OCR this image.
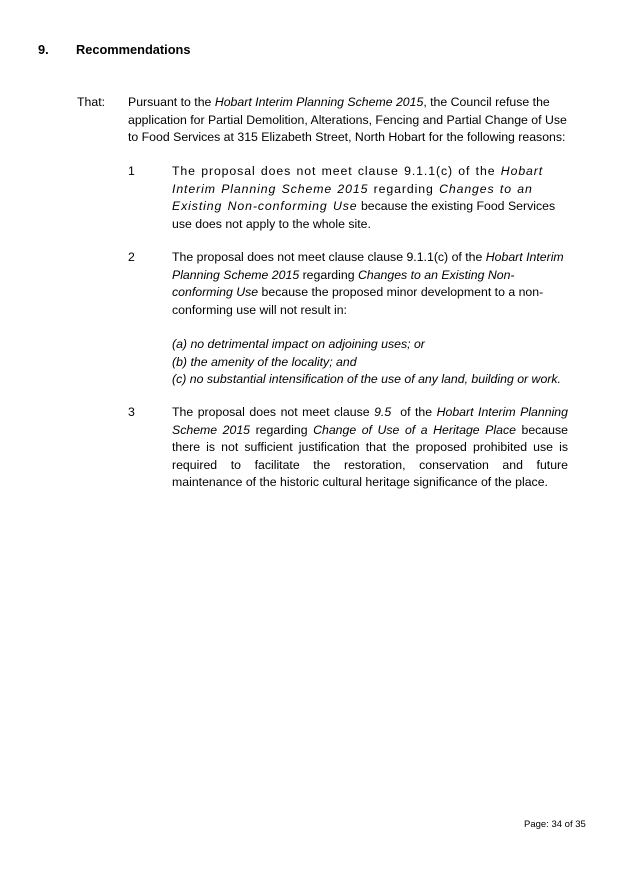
9. Recommendations
That: Pursuant to the Hobart Interim Planning Scheme 2015, the Council refuse the application for Partial Demolition, Alterations, Fencing and Partial Change of Use to Food Services at 315 Elizabeth Street, North Hobart for the following reasons:
1	The proposal does not meet clause 9.1.1(c) of the Hobart Interim Planning Scheme 2015 regarding Changes to an Existing Non-conforming Use because the existing Food Services use does not apply to the whole site.
2	The proposal does not meet clause clause 9.1.1(c) of the Hobart Interim Planning Scheme 2015 regarding Changes to an Existing Non-conforming Use because the proposed minor development to a non-conforming use will not result in:
(a) no detrimental impact on adjoining uses; or
(b) the amenity of the locality; and
(c) no substantial intensification of the use of any land, building or work.
3	The proposal does not meet clause 9.5  of the Hobart Interim Planning Scheme 2015 regarding Change of Use of a Heritage Place because there is not sufficient justification that the proposed prohibited use is required to facilitate the restoration, conservation and future maintenance of the historic cultural heritage significance of the place.
Page: 34 of 35
